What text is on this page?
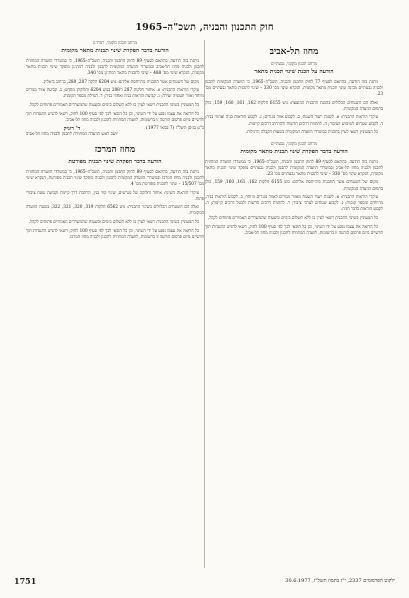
חוק התכנון והבניה, תשכ"ה–1965
מחוז תל-אביב
מרחב תכנון מקומי, גבעתיים
הודעה על הכנת שינוי תכנית מתאר

ניתנת בזה הודעה, בהתאם לסעיף 77 לחוק התכנון והבניה, תשכ"ה–1965, כי הוועדה המקומית לתכנון ולבניה גבעתיים מכינה שינוי תכנית מתאר מקומית, הנקרא שינוי מס' 330 – שינוי לתכנית מתאר גבעתיים מס' 23.

ואלה הם השטחים הכלולים בהכנת התכנית המוצעת: גוש 6155 חלקות 162, 161, 160, 159, כולן בתחום הוועדה המקומית.

עיקרי הוראות התכנית: א. לשנות ייעוד השטח; ב. לקבוע אזור מגורים; ג. לקבוע הוראות בניה ואחוזי בניה; ד. לקבוע שטחים לשימוש הציבור; ה. להתוות דרכים חדשות ולהרחיב דרכים קיימות.

כל המעוניין רשאי לעיין בתכנית במשרדי הוועדה המקומית בשעות הקבלה הרגילות.

מרחב תכנון מקומי, גבעתיים
הודעה בדבר הפקדת שינוי תכנית מתאר מקומית

ניתנת בזה הודעה, בהתאם לסעיף 89 לחוק התכנון והבניה, תשכ"ה–1965, כי במשרדי הוועדה המחוזית לתכנון ולבניה מחוז תל-אביב ובמשרדי הוועדה המקומית לתכנון ולבניה גבעתיים מופקד שינוי תכנית מתאר מקומית, הנקרא שינוי מס' 330 – שינוי לתכנית מתאר גבעתיים מס' 23.

מקום של השטחים אשר התכנית מתייחסת אליהם: גוש 6155 חלקות 162, 161, 160, 159, כולן בתחום הוועדה המקומית.

עיקרי הוראות התכנית: א. לשנות ייעוד השטח מאזור מגורים לאזור מגורים מיוחד; ב. לקבוע הוראות בניה, מרווחים ומספר קומות; ג. לקבוע שטחים לצרכי ציבור; ד. להתוות דרכים חדשות ולבטל דרכים קיימות; ה. לקבוע הוראות בדבר חניה.

כל המעוניין בשינוי התכנית רשאי לעיין בו ללא תשלום בימים ובשעות שהמשרדים האמורים פתוחים לקהל.

כל הרואה את עצמו נפגע על ידי השינוי, וכן כל הזכאי לכך לפי סעיף 100 לחוק, רשאי להגיש התנגדות תוך חדשיים מיום פרסום הודעה זו ברשומות, לוועדה המחוזית לתכנון ולבניה מחוז תל-אביב.

מרחב תכנון מקומי, רמת־גן
הודעה בדבר הפקדת שינוי תכנית מתאר מקומית

ניתנת בזה הודעה, בהתאם לסעיף 89 לחוק התכנון והבניה, תשכ"ה–1965, כי במשרדי הוועדה המחוזית לתכנון ולבניה מחוז תל-אביב ובמשרדי הוועדה המקומית לתכנון ולבניה רמת־גן מופקד שינוי תכנית מתאר מקומית, הנקרא שינוי מס' 488 – שינוי לתכנית מתאר רמת־גן מס' 340.

מקום של השטחים אשר התכנית מתייחסת אליהם: גוש 6204 חלקה 287, 288, ברחוב ביאליק.

עיקרי הוראות התכנית: א. איחוד חלקות 287 ו־288 בגוש 6204 וחלוקתן מחדש; ב. קביעת אזור מגורים מיוחד ואזור תעשיה זעירה; ג. קביעת הוראות בניה ואחוזי בניה; ד. הגדלת מספר הקומות.

כל המעוניין בשינוי התכנית רשאי לעיין בו ללא תשלום בימים ובשעות שהמשרדים האמורים פתוחים לקהל.

כל הרואה את עצמו נפגע על ידי השינוי, וכן כל הזכאי לכך לפי סעיף 100 לחוק, רשאי להגיש התנגדות תוך חדשיים מיום פרסום הודעה זו ברשומות, לוועדה המחוזית לתכנון ולבניה מחוז תל-אביב.

כ"ט בניסן תשל"ז (7 במאי 1977)
ד' רזניק
יושב ראש הוועדה המחוזית לתכנון ולבניה מחוז תל-אביב
מחוז המרכז
הודעה בדבר הפקדת שינוי תכנית מפורטת

ניתנת בזה הודעה, בהתאם לסעיף 89 לחוק התכנון והבניה, תשכ"ה–1965, כי במשרדי הוועדה המחוזית לתכנון ולבניה מחוז המרכז ובמשרדי הוועדה המקומית לתכנון ולבניה מופקד שינוי תכנית מפורטת, הנקרא שינוי מס' 15/507 – שינוי לתכנית מפורטת מס' 4.

עיקרי הוראות השינוי: איחוד וחלוקה של מגרשים, שינוי קווי בנין, הרחבת דרך קיימת וקביעת שטח ציבורי פתוח.

ואלה הם השטחים הכלולים בשינוי התכנית: גוש 6562 חלקות 319, 320, 321, 322, בשטח הוועדה המקומית.

כל המעוניין בשינוי התכנית רשאי לעיין בו ללא תשלום בימים ובשעות שהמשרדים האמורים פתוחים לקהל.

כל הרואה את עצמו נפגע על ידי השינוי, וכן כל הזכאי לכך לפי סעיף 100 לחוק, רשאי להגיש התנגדות תוך חדשיים מיום פרסום הודעה זו ברשומות, לוועדה המחוזית לתכנון ולבניה מחוז המרכז.

1751	ילקוט הפרסומים 2337, י"ז בתמוז תשל"ז, 30.6.1977
